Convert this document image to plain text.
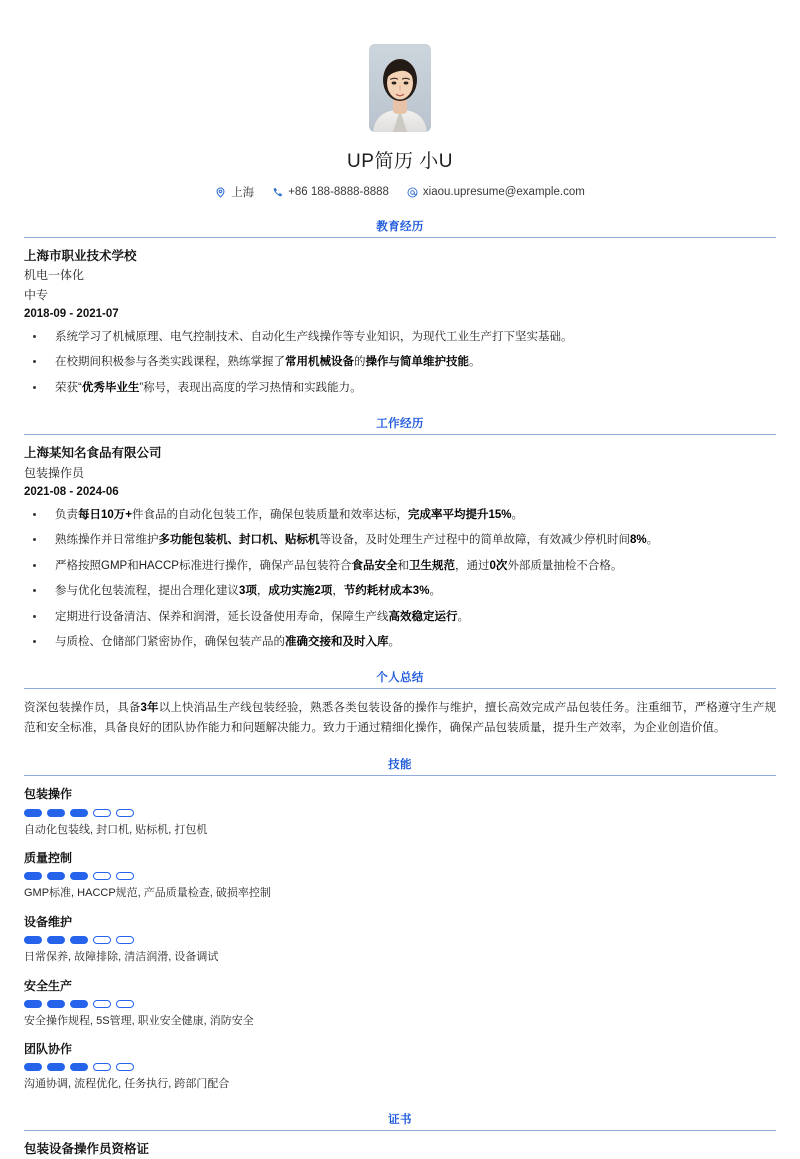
UP简历 小U
上海	+86 188-8888-8888	xiaou.upresume@example.com
教育经历
上海市职业技术学校
机电一体化
中专
2018-09 - 2021-07
系统学习了机械原理、电气控制技术、自动化生产线操作等专业知识，为现代工业生产打下坚实基础。
在校期间积极参与各类实践课程，熟练掌握了常用机械设备的操作与简单维护技能。
荣获“优秀毕业生”称号，表现出高度的学习热情和实践能力。
工作经历
上海某知名食品有限公司
包装操作员
2021-08 - 2024-06
负责每日10万+件食品的自动化包装工作，确保包装质量和效率达标，完成率平均提升15%。
熟练操作并日常维护多功能包装机、封口机、贴标机等设备，及时处理生产过程中的简单故障，有效减少停机时间8%。
严格按照GMP和HACCP标准进行操作，确保产品包装符合食品安全和卫生规范，通过0次外部质量抽检不合格。
参与优化包装流程，提出合理化建议3项，成功实施2项，节约耗材成本3%。
定期进行设备清洁、保养和润滑，延长设备使用寿命，保障生产线高效稳定运行。
与质检、仓储部门紧密协作，确保包装产品的准确交接和及时入库。
个人总结
资深包装操作员，具备3年以上快消品生产线包装经验，熟悉各类包装设备的操作与维护，擅长高效完成产品包装任务。注重细节，严格遵守生产规范和安全标准，具备良好的团队协作能力和问题解决能力。致力于通过精细化操作，确保产品包装质量，提升生产效率，为企业创造价值。
技能
包装操作
自动化包装线, 封口机, 贴标机, 打包机
质量控制
GMP标准, HACCP规范, 产品质量检查, 破损率控制
设备维护
日常保养, 故障排除, 清洁润滑, 设备调试
安全生产
安全操作规程, 5S管理, 职业安全健康, 消防安全
团队协作
沟通协调, 流程优化, 任务执行, 跨部门配合
证书
包装设备操作员资格证
